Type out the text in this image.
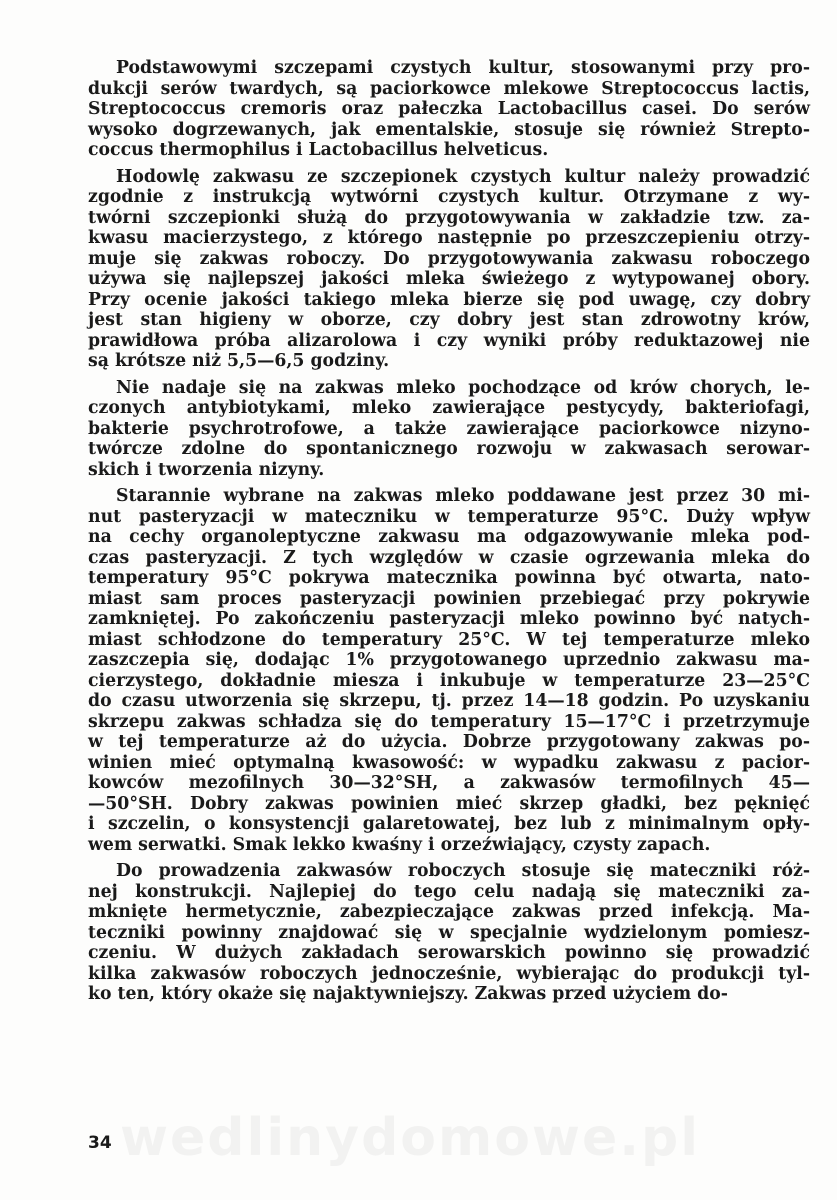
wedlinydomowe.pl
Podstawowymi szczepami czystych kultur, stosowanymi przy pro-
dukcji serów twardych, są paciorkowce mlekowe Streptococcus lactis,
Streptococcus cremoris oraz pałeczka Lactobacillus casei. Do serów
wysoko dogrzewanych, jak ementalskie, stosuje się również Strepto-
coccus thermophilus i Lactobacillus helveticus.
Hodowlę zakwasu ze szczepionek czystych kultur należy prowadzić
zgodnie z instrukcją wytwórni czystych kultur. Otrzymane z wy-
twórni szczepionki służą do przygotowywania w zakładzie tzw. za-
kwasu macierzystego, z którego następnie po przeszczepieniu otrzy-
muje się zakwas roboczy. Do przygotowywania zakwasu roboczego
używa się najlepszej jakości mleka świeżego z wytypowanej obory.
Przy ocenie jakości takiego mleka bierze się pod uwagę, czy dobry
jest stan higieny w oborze, czy dobry jest stan zdrowotny krów,
prawidłowa próba alizarolowa i czy wyniki próby reduktazowej nie
są krótsze niż 5,5—6,5 godziny.
Nie nadaje się na zakwas mleko pochodzące od krów chorych, le-
czonych antybiotykami, mleko zawierające pestycydy, bakteriofagi,
bakterie psychrotrofowe, a także zawierające paciorkowce nizyno-
twórcze zdolne do spontanicznego rozwoju w zakwasach serowar-
skich i tworzenia nizyny.
Starannie wybrane na zakwas mleko poddawane jest przez 30 mi-
nut pasteryzacji w mateczniku w temperaturze 95°C. Duży wpływ
na cechy organoleptyczne zakwasu ma odgazowywanie mleka pod-
czas pasteryzacji. Z tych względów w czasie ogrzewania mleka do
temperatury 95°C pokrywa matecznika powinna być otwarta, nato-
miast sam proces pasteryzacji powinien przebiegać przy pokrywie
zamkniętej. Po zakończeniu pasteryzacji mleko powinno być natych-
miast schłodzone do temperatury 25°C. W tej temperaturze mleko
zaszczepia się, dodając 1% przygotowanego uprzednio zakwasu ma-
cierzystego, dokładnie miesza i inkubuje w temperaturze 23—25°C
do czasu utworzenia się skrzepu, tj. przez 14—18 godzin. Po uzyskaniu
skrzepu zakwas schładza się do temperatury 15—17°C i przetrzymuje
w tej temperaturze aż do użycia. Dobrze przygotowany zakwas po-
winien mieć optymalną kwasowość: w wypadku zakwasu z pacior-
kowców mezofilnych 30—32°SH, a zakwasów termofilnych 45—
—50°SH. Dobry zakwas powinien mieć skrzep gładki, bez pęknięć
i szczelin, o konsystencji galaretowatej, bez lub z minimalnym opły-
wem serwatki. Smak lekko kwaśny i orzeźwiający, czysty zapach.
Do prowadzenia zakwasów roboczych stosuje się mateczniki róż-
nej konstrukcji. Najlepiej do tego celu nadają się mateczniki za-
mknięte hermetycznie, zabezpieczające zakwas przed infekcją. Ma-
teczniki powinny znajdować się w specjalnie wydzielonym pomiesz-
czeniu. W dużych zakładach serowarskich powinno się prowadzić
kilka zakwasów roboczych jednocześnie, wybierając do produkcji tyl-
ko ten, który okaże się najaktywniejszy. Zakwas przed użyciem do-
34
